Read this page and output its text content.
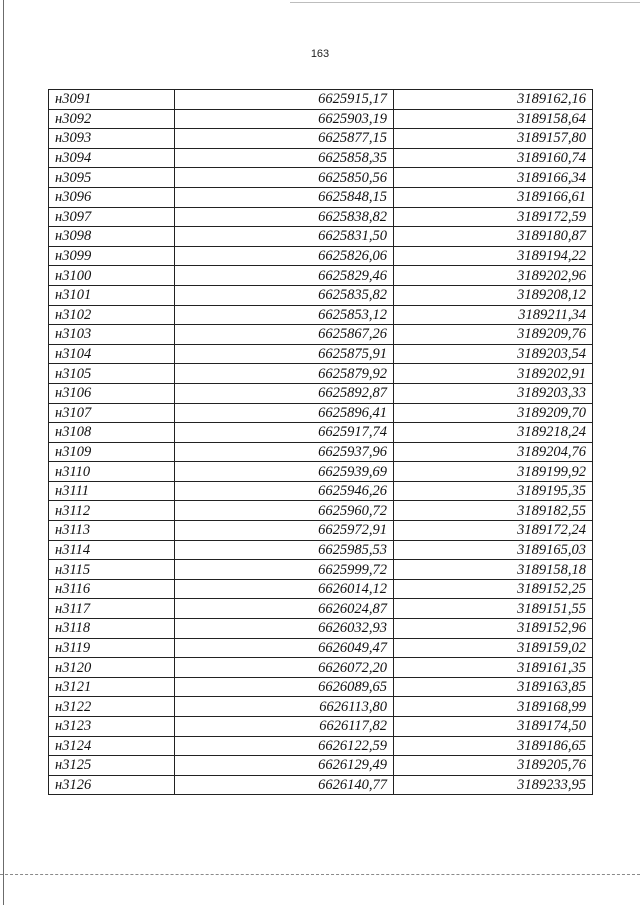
163
н3091	6625915,17	3189162,16
н3092	6625903,19	3189158,64
н3093	6625877,15	3189157,80
н3094	6625858,35	3189160,74
н3095	6625850,56	3189166,34
н3096	6625848,15	3189166,61
н3097	6625838,82	3189172,59
н3098	6625831,50	3189180,87
н3099	6625826,06	3189194,22
н3100	6625829,46	3189202,96
н3101	6625835,82	3189208,12
н3102	6625853,12	3189211,34
н3103	6625867,26	3189209,76
н3104	6625875,91	3189203,54
н3105	6625879,92	3189202,91
н3106	6625892,87	3189203,33
н3107	6625896,41	3189209,70
н3108	6625917,74	3189218,24
н3109	6625937,96	3189204,76
н3110	6625939,69	3189199,92
н3111	6625946,26	3189195,35
н3112	6625960,72	3189182,55
н3113	6625972,91	3189172,24
н3114	6625985,53	3189165,03
н3115	6625999,72	3189158,18
н3116	6626014,12	3189152,25
н3117	6626024,87	3189151,55
н3118	6626032,93	3189152,96
н3119	6626049,47	3189159,02
н3120	6626072,20	3189161,35
н3121	6626089,65	3189163,85
н3122	6626113,80	3189168,99
н3123	6626117,82	3189174,50
н3124	6626122,59	3189186,65
н3125	6626129,49	3189205,76
н3126	6626140,77	3189233,95
